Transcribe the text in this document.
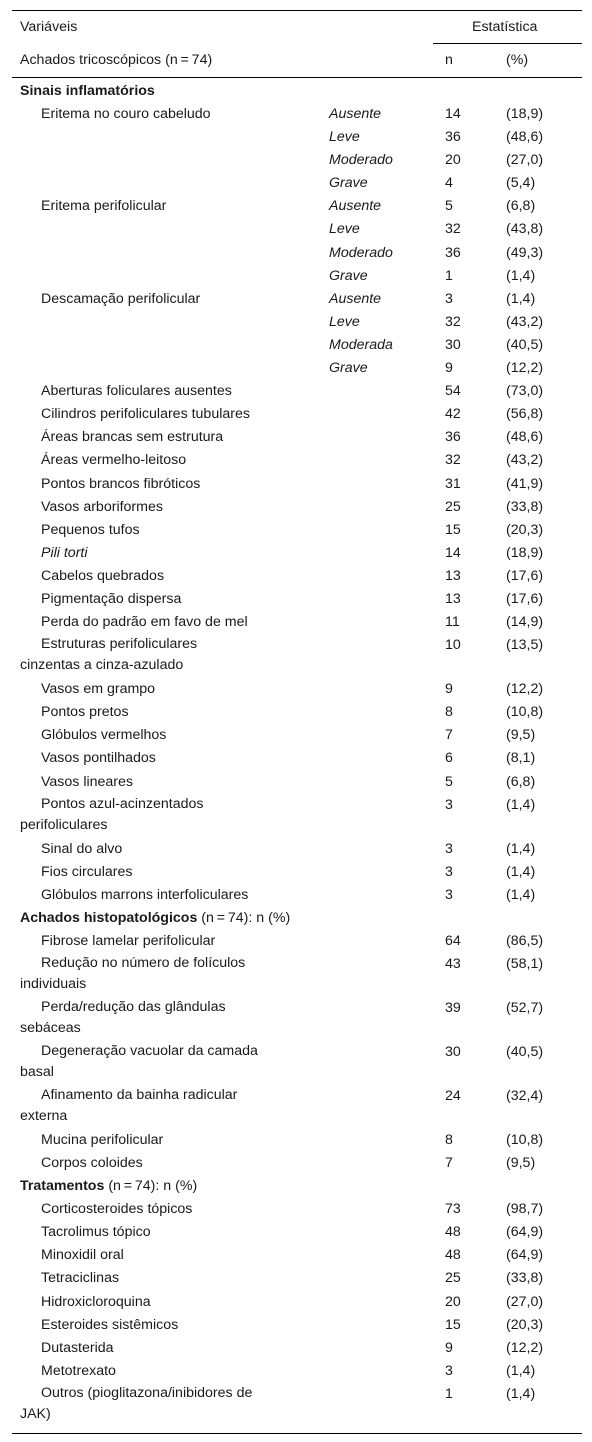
Variáveis	Estatística
Achados tricoscópicos (n = 74)	n	(%)
Sinais inflamatórios
Eritema no couro cabeludo	Ausente	14	(18,9)
Leve	36	(48,6)
Moderado	20	(27,0)
Grave	4	(5,4)
Eritema perifolicular	Ausente	5	(6,8)
Leve	32	(43,8)
Moderado	36	(49,3)
Grave	1	(1,4)
Descamação perifolicular	Ausente	3	(1,4)
Leve	32	(43,2)
Moderada	30	(40,5)
Grave	9	(12,2)
Aberturas foliculares ausentes	54	(73,0)
Cilindros perifoliculares tubulares	42	(56,8)
Áreas brancas sem estrutura	36	(48,6)
Áreas vermelho-leitoso	32	(43,2)
Pontos brancos fibróticos	31	(41,9)
Vasos arboriformes	25	(33,8)
Pequenos tufos	15	(20,3)
Pili torti	14	(18,9)
Cabelos quebrados	13	(17,6)
Pigmentação dispersa	13	(17,6)
Perda do padrão em favo de mel	11	(14,9)
Estruturas perifoliculares
cinzentas a cinza-azulado
10	(13,5)
Vasos em grampo	9	(12,2)
Pontos pretos	8	(10,8)
Glóbulos vermelhos	7	(9,5)
Vasos pontilhados	6	(8,1)
Vasos lineares	5	(6,8)
Pontos azul-acinzentados
perifoliculares
3	(1,4)
Sinal do alvo	3	(1,4)
Fios circulares	3	(1,4)
Glóbulos marrons interfoliculares	3	(1,4)
Achados histopatológicos (n = 74): n (%)
Fibrose lamelar perifolicular	64	(86,5)
Redução no número de folículos
individuais
43	(58,1)
Perda/redução das glândulas
sebáceas
39	(52,7)
Degeneração vacuolar da camada
basal
30	(40,5)
Afinamento da bainha radicular
externa
24	(32,4)
Mucina perifolicular	8	(10,8)
Corpos coloides	7	(9,5)
Tratamentos (n = 74): n (%)
Corticosteroides tópicos	73	(98,7)
Tacrolimus tópico	48	(64,9)
Minoxidil oral	48	(64,9)
Tetraciclinas	25	(33,8)
Hidroxicloroquina	20	(27,0)
Esteroides sistêmicos	15	(20,3)
Dutasterida	9	(12,2)
Metotrexato	3	(1,4)
Outros (pioglitazona/inibidores de
JAK)
1	(1,4)
